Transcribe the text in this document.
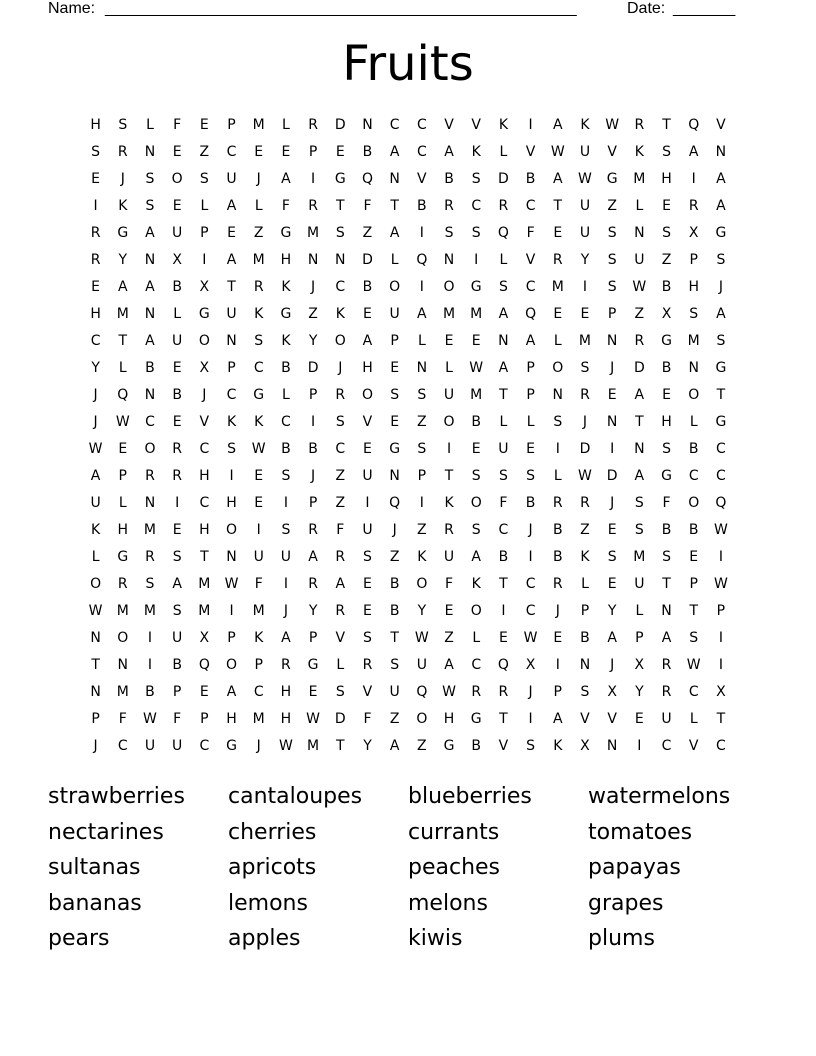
Name: _____________________________________________________	Date: _______
Fruits
H	S	L	F	E	P	M	L	R	D	N	C	C	V	V	K	I	A	K	W	R	T	Q	V
S	R	N	E	Z	C	E	E	P	E	B	A	C	A	K	L	V	W	U	V	K	S	A	N
E	J	S	O	S	U	J	A	I	G	Q	N	V	B	S	D	B	A	W	G	M	H	I	A
I	K	S	E	L	A	L	F	R	T	F	T	B	R	C	R	C	T	U	Z	L	E	R	A
R	G	A	U	P	E	Z	G	M	S	Z	A	I	S	S	Q	F	E	U	S	N	S	X	G
R	Y	N	X	I	A	M	H	N	N	D	L	Q	N	I	L	V	R	Y	S	U	Z	P	S
E	A	A	B	X	T	R	K	J	C	B	O	I	O	G	S	C	M	I	S	W	B	H	J
H	M	N	L	G	U	K	G	Z	K	E	U	A	M	M	A	Q	E	E	P	Z	X	S	A
C	T	A	U	O	N	S	K	Y	O	A	P	L	E	E	N	A	L	M	N	R	G	M	S
Y	L	B	E	X	P	C	B	D	J	H	E	N	L	W	A	P	O	S	J	D	B	N	G
J	Q	N	B	J	C	G	L	P	R	O	S	S	U	M	T	P	N	R	E	A	E	O	T
J	W	C	E	V	K	K	C	I	S	V	E	Z	O	B	L	L	S	J	N	T	H	L	G
W	E	O	R	C	S	W	B	B	C	E	G	S	I	E	U	E	I	D	I	N	S	B	C
A	P	R	R	H	I	E	S	J	Z	U	N	P	T	S	S	S	L	W	D	A	G	C	C
U	L	N	I	C	H	E	I	P	Z	I	Q	I	K	O	F	B	R	R	J	S	F	O	Q
K	H	M	E	H	O	I	S	R	F	U	J	Z	R	S	C	J	B	Z	E	S	B	B	W
L	G	R	S	T	N	U	U	A	R	S	Z	K	U	A	B	I	B	K	S	M	S	E	I
O	R	S	A	M	W	F	I	R	A	E	B	O	F	K	T	C	R	L	E	U	T	P	W
W	M	M	S	M	I	M	J	Y	R	E	B	Y	E	O	I	C	J	P	Y	L	N	T	P
N	O	I	U	X	P	K	A	P	V	S	T	W	Z	L	E	W	E	B	A	P	A	S	I
T	N	I	B	Q	O	P	R	G	L	R	S	U	A	C	Q	X	I	N	J	X	R	W	I
N	M	B	P	E	A	C	H	E	S	V	U	Q	W	R	R	J	P	S	X	Y	R	C	X
P	F	W	F	P	H	M	H	W	D	F	Z	O	H	G	T	I	A	V	V	E	U	L	T
J	C	U	U	C	G	J	W	M	T	Y	A	Z	G	B	V	S	K	X	N	I	C	V	C
strawberries	cantaloupes	blueberries	watermelons
nectarines	cherries	currants	tomatoes
sultanas	apricots	peaches	papayas
bananas	lemons	melons	grapes
pears	apples	kiwis	plums
